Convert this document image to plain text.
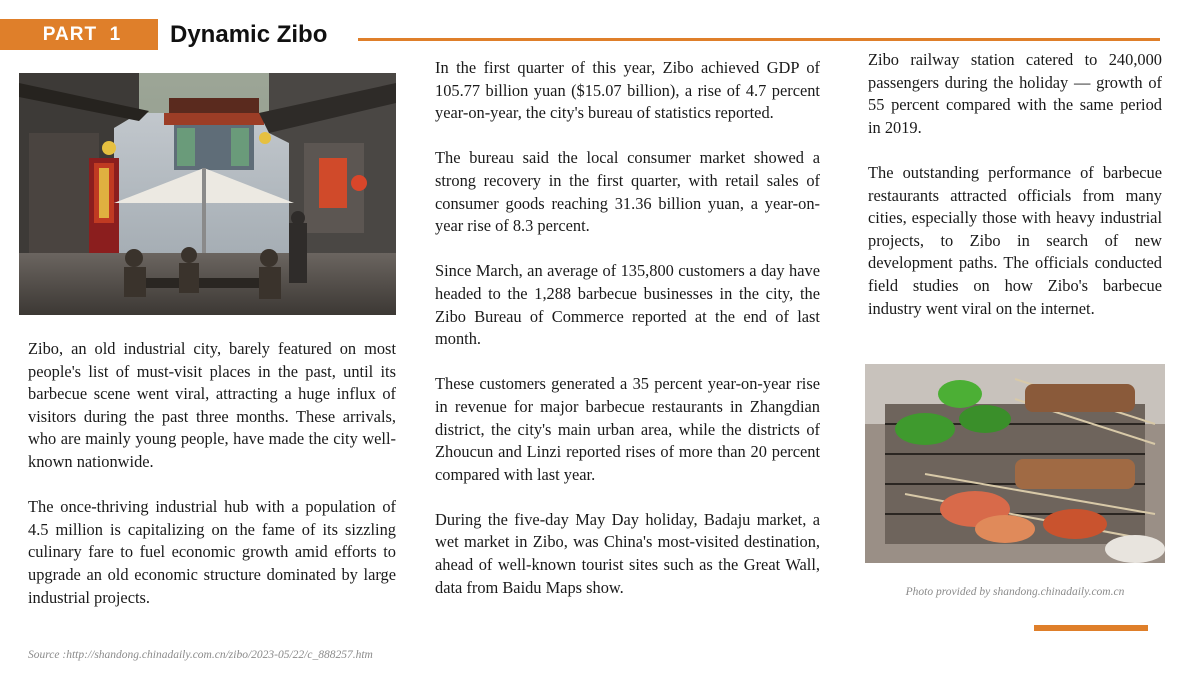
PART  1 Dynamic Zibo

Zibo, an old industrial city, barely featured on most people's list of must-visit places in the past, until its barbecue scene went viral, attracting a huge influx of visitors during the past three months. These arrivals, who are mainly young people, have made the city well-known nationwide.

The once-thriving industrial hub with a population of 4.5 million is capitalizing on the fame of its sizzling culinary fare to fuel economic growth amid efforts to upgrade an old economic structure dominated by large industrial projects.

In the first quarter of this year, Zibo achieved GDP of 105.77 billion yuan ($15.07 billion), a rise of 4.7 percent year-on-year, the city's bureau of statistics reported.

The bureau said the local consumer market showed a strong recovery in the first quarter, with retail sales of consumer goods reaching 31.36 billion yuan, a year-on-year rise of 8.3 percent.

Since March, an average of 135,800 customers a day have headed to the 1,288 barbecue businesses in the city, the Zibo Bureau of Commerce reported at the end of last month.

These customers generated a 35 percent year-on-year rise in revenue for major barbecue restaurants in Zhangdian district, the city's main urban area, while the districts of Zhoucun and Linzi reported rises of more than 20 percent compared with last year.

During the five-day May Day holiday, Badaju market, a wet market in Zibo, was China's most-visited destination, ahead of well-known tourist sites such as the Great Wall, data from Baidu Maps show.

Zibo railway station catered to 240,000 passengers during the holiday — growth of 55 percent compared with the same period in 2019.

The outstanding performance of barbecue restaurants attracted officials from many cities, especially those with heavy industrial projects, to Zibo in search of new development paths. The officials conducted field studies on how Zibo's barbecue industry went viral on the internet.

Photo provided by shandong.chinadaily.com.cn
Source :http://shandong.chinadaily.com.cn/zibo/2023-05/22/c_888257.htm
